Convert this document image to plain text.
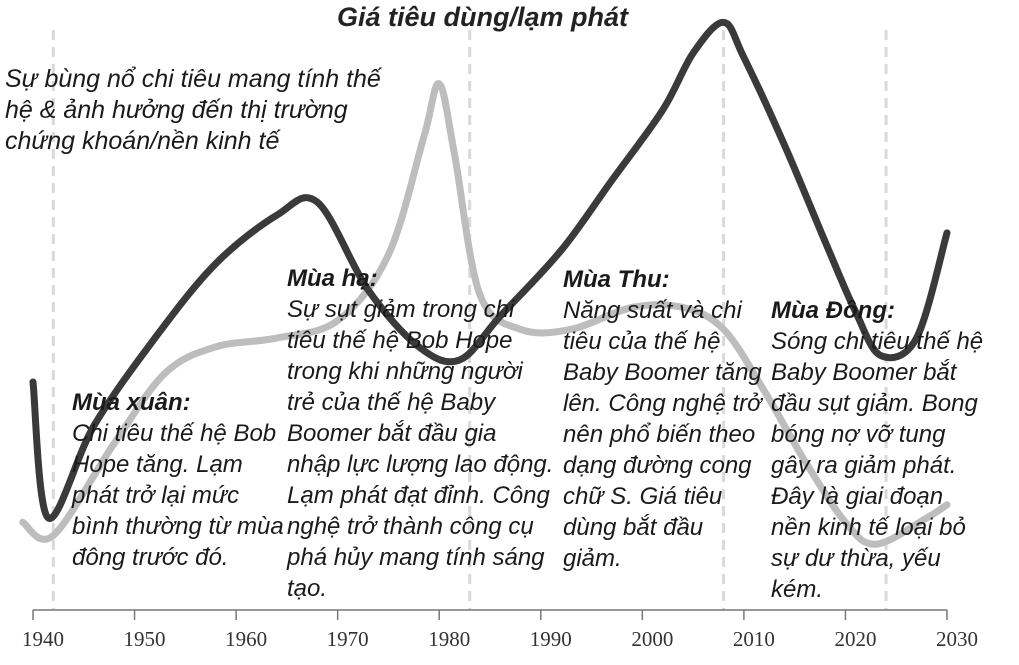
1940	1950	1960	1970	1980	1990	2000	2010	2020	2030
Giá tiêu dùng/lạm phát
Sự bùng nổ chi tiêu mang tính thế hệ & ảnh hưởng đến thị trường chứng khoán/nền kinh tế
Mùa xuân:
Chi tiêu thế hệ Bob Hope tăng. Lạm phát trở lại mức bình thường từ mùa đông trước đó.
Mùa hạ:
Sự sụt giảm trong chi tiêu thế hệ Bob Hope trong khi những người trẻ của thế hệ Baby Boomer bắt đầu gia nhập lực lượng lao động. Lạm phát đạt đỉnh. Công nghệ trở thành công cụ phá hủy mang tính sáng tạo.
Mùa Thu:
Năng suất và chi tiêu của thế hệ Baby Boomer tăng lên. Công nghệ trở nên phổ biến theo dạng đường cong chữ S. Giá tiêu dùng bắt đầu giảm.
Mùa Đông:
Sóng chi tiêu thế hệ Baby Boomer bắt đầu sụt giảm. Bong bóng nợ vỡ tung gây ra giảm phát. Đây là giai đoạn nền kinh tế loại bỏ sự dư thừa, yếu kém.
